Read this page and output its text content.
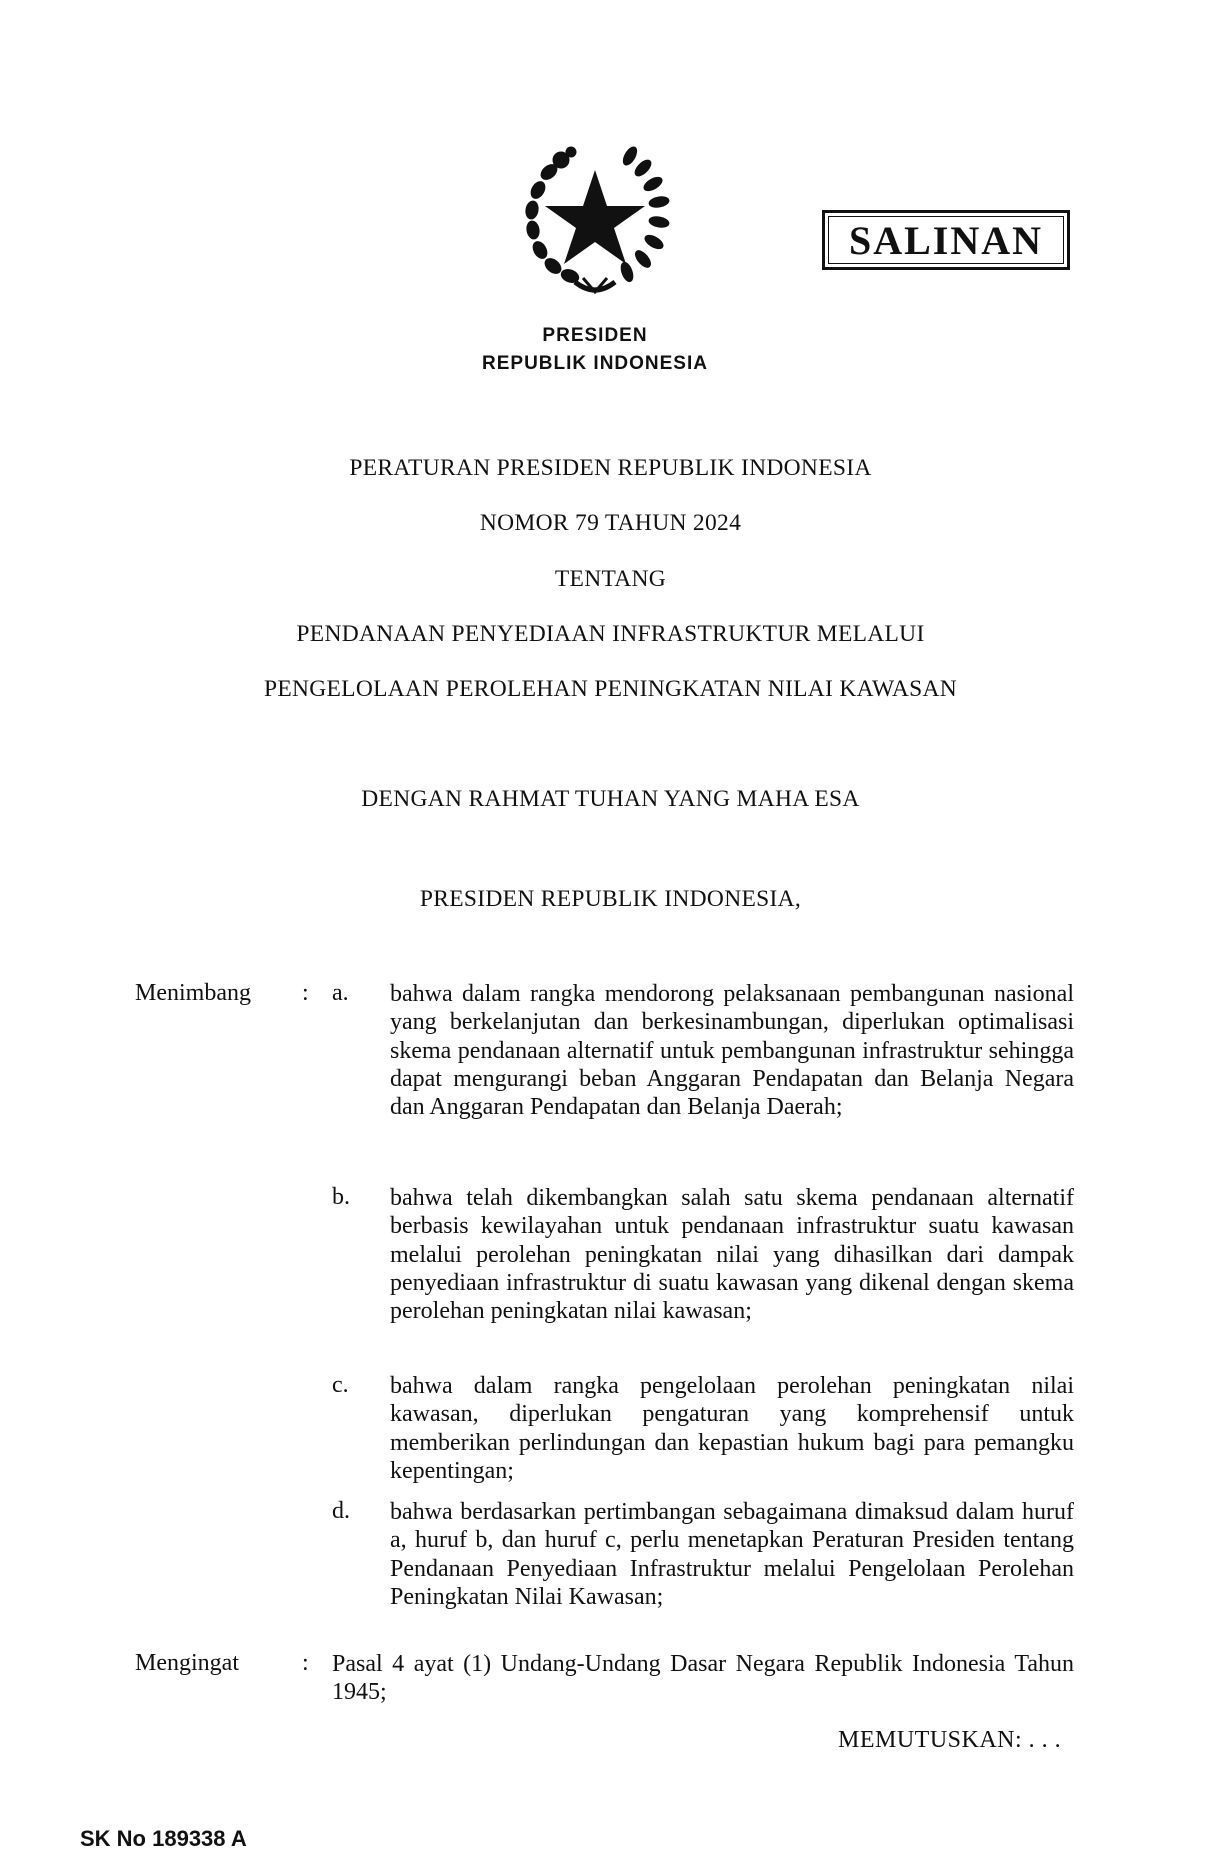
SALINAN
PRESIDEN
REPUBLIK INDONESIA
PERATURAN PRESIDEN REPUBLIK INDONESIA
NOMOR 79 TAHUN 2024
TENTANG
PENDANAAN PENYEDIAAN INFRASTRUKTUR MELALUI
PENGELOLAAN PEROLEHAN PENINGKATAN NILAI KAWASAN
DENGAN RAHMAT TUHAN YANG MAHA ESA
PRESIDEN REPUBLIK INDONESIA,
Menimbang : a. bahwa dalam rangka mendorong pelaksanaan pembangunan nasional yang berkelanjutan dan berkesinambungan, diperlukan optimalisasi skema pendanaan alternatif untuk pembangunan infrastruktur sehingga dapat mengurangi beban Anggaran Pendapatan dan Belanja Negara dan Anggaran Pendapatan dan Belanja Daerah;

b. bahwa telah dikembangkan salah satu skema pendanaan alternatif berbasis kewilayahan untuk pendanaan infrastruktur suatu kawasan melalui perolehan peningkatan nilai yang dihasilkan dari dampak penyediaan infrastruktur di suatu kawasan yang dikenal dengan skema perolehan peningkatan nilai kawasan;

c. bahwa dalam rangka pengelolaan perolehan peningkatan nilai kawasan, diperlukan pengaturan yang komprehensif untuk memberikan perlindungan dan kepastian hukum bagi para pemangku kepentingan;

d. bahwa berdasarkan pertimbangan sebagaimana dimaksud dalam huruf a, huruf b, dan huruf c, perlu menetapkan Peraturan Presiden tentang Pendanaan Penyediaan Infrastruktur melalui Pengelolaan Perolehan Peningkatan Nilai Kawasan;

Mengingat	: Pasal 4 ayat (1) Undang-Undang Dasar Negara Republik Indonesia Tahun 1945;

MEMUTUSKAN: . . .
SK No 189338 A
